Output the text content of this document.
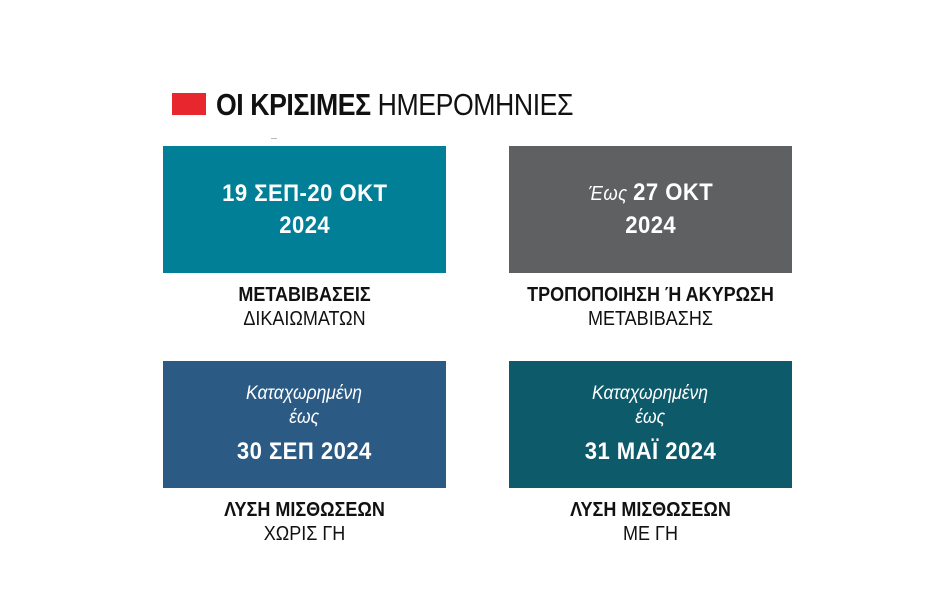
ΟΙ ΚΡΙΣΙΜΕΣ ΗΜΕΡΟΜΗΝΙΕΣ
19 ΣΕΠ-20 ΟΚΤ
2024
ΜΕΤΑΒΙΒΑΣΕΙΣ
ΔΙΚΑΙΩΜΑΤΩΝ
Έως 27 ΟΚΤ
2024
ΤΡΟΠΟΠΟΙΗΣΗ Ή ΑΚΥΡΩΣΗ
ΜΕΤΑΒΙΒΑΣΗΣ
Καταχωρημένη
έως
30 ΣΕΠ 2024
ΛΥΣΗ ΜΙΣΘΩΣΕΩΝ
ΧΩΡΙΣ ΓΗ
Καταχωρημένη
έως
31 ΜΑΪ 2024
ΛΥΣΗ ΜΙΣΘΩΣΕΩΝ
ΜΕ ΓΗ
